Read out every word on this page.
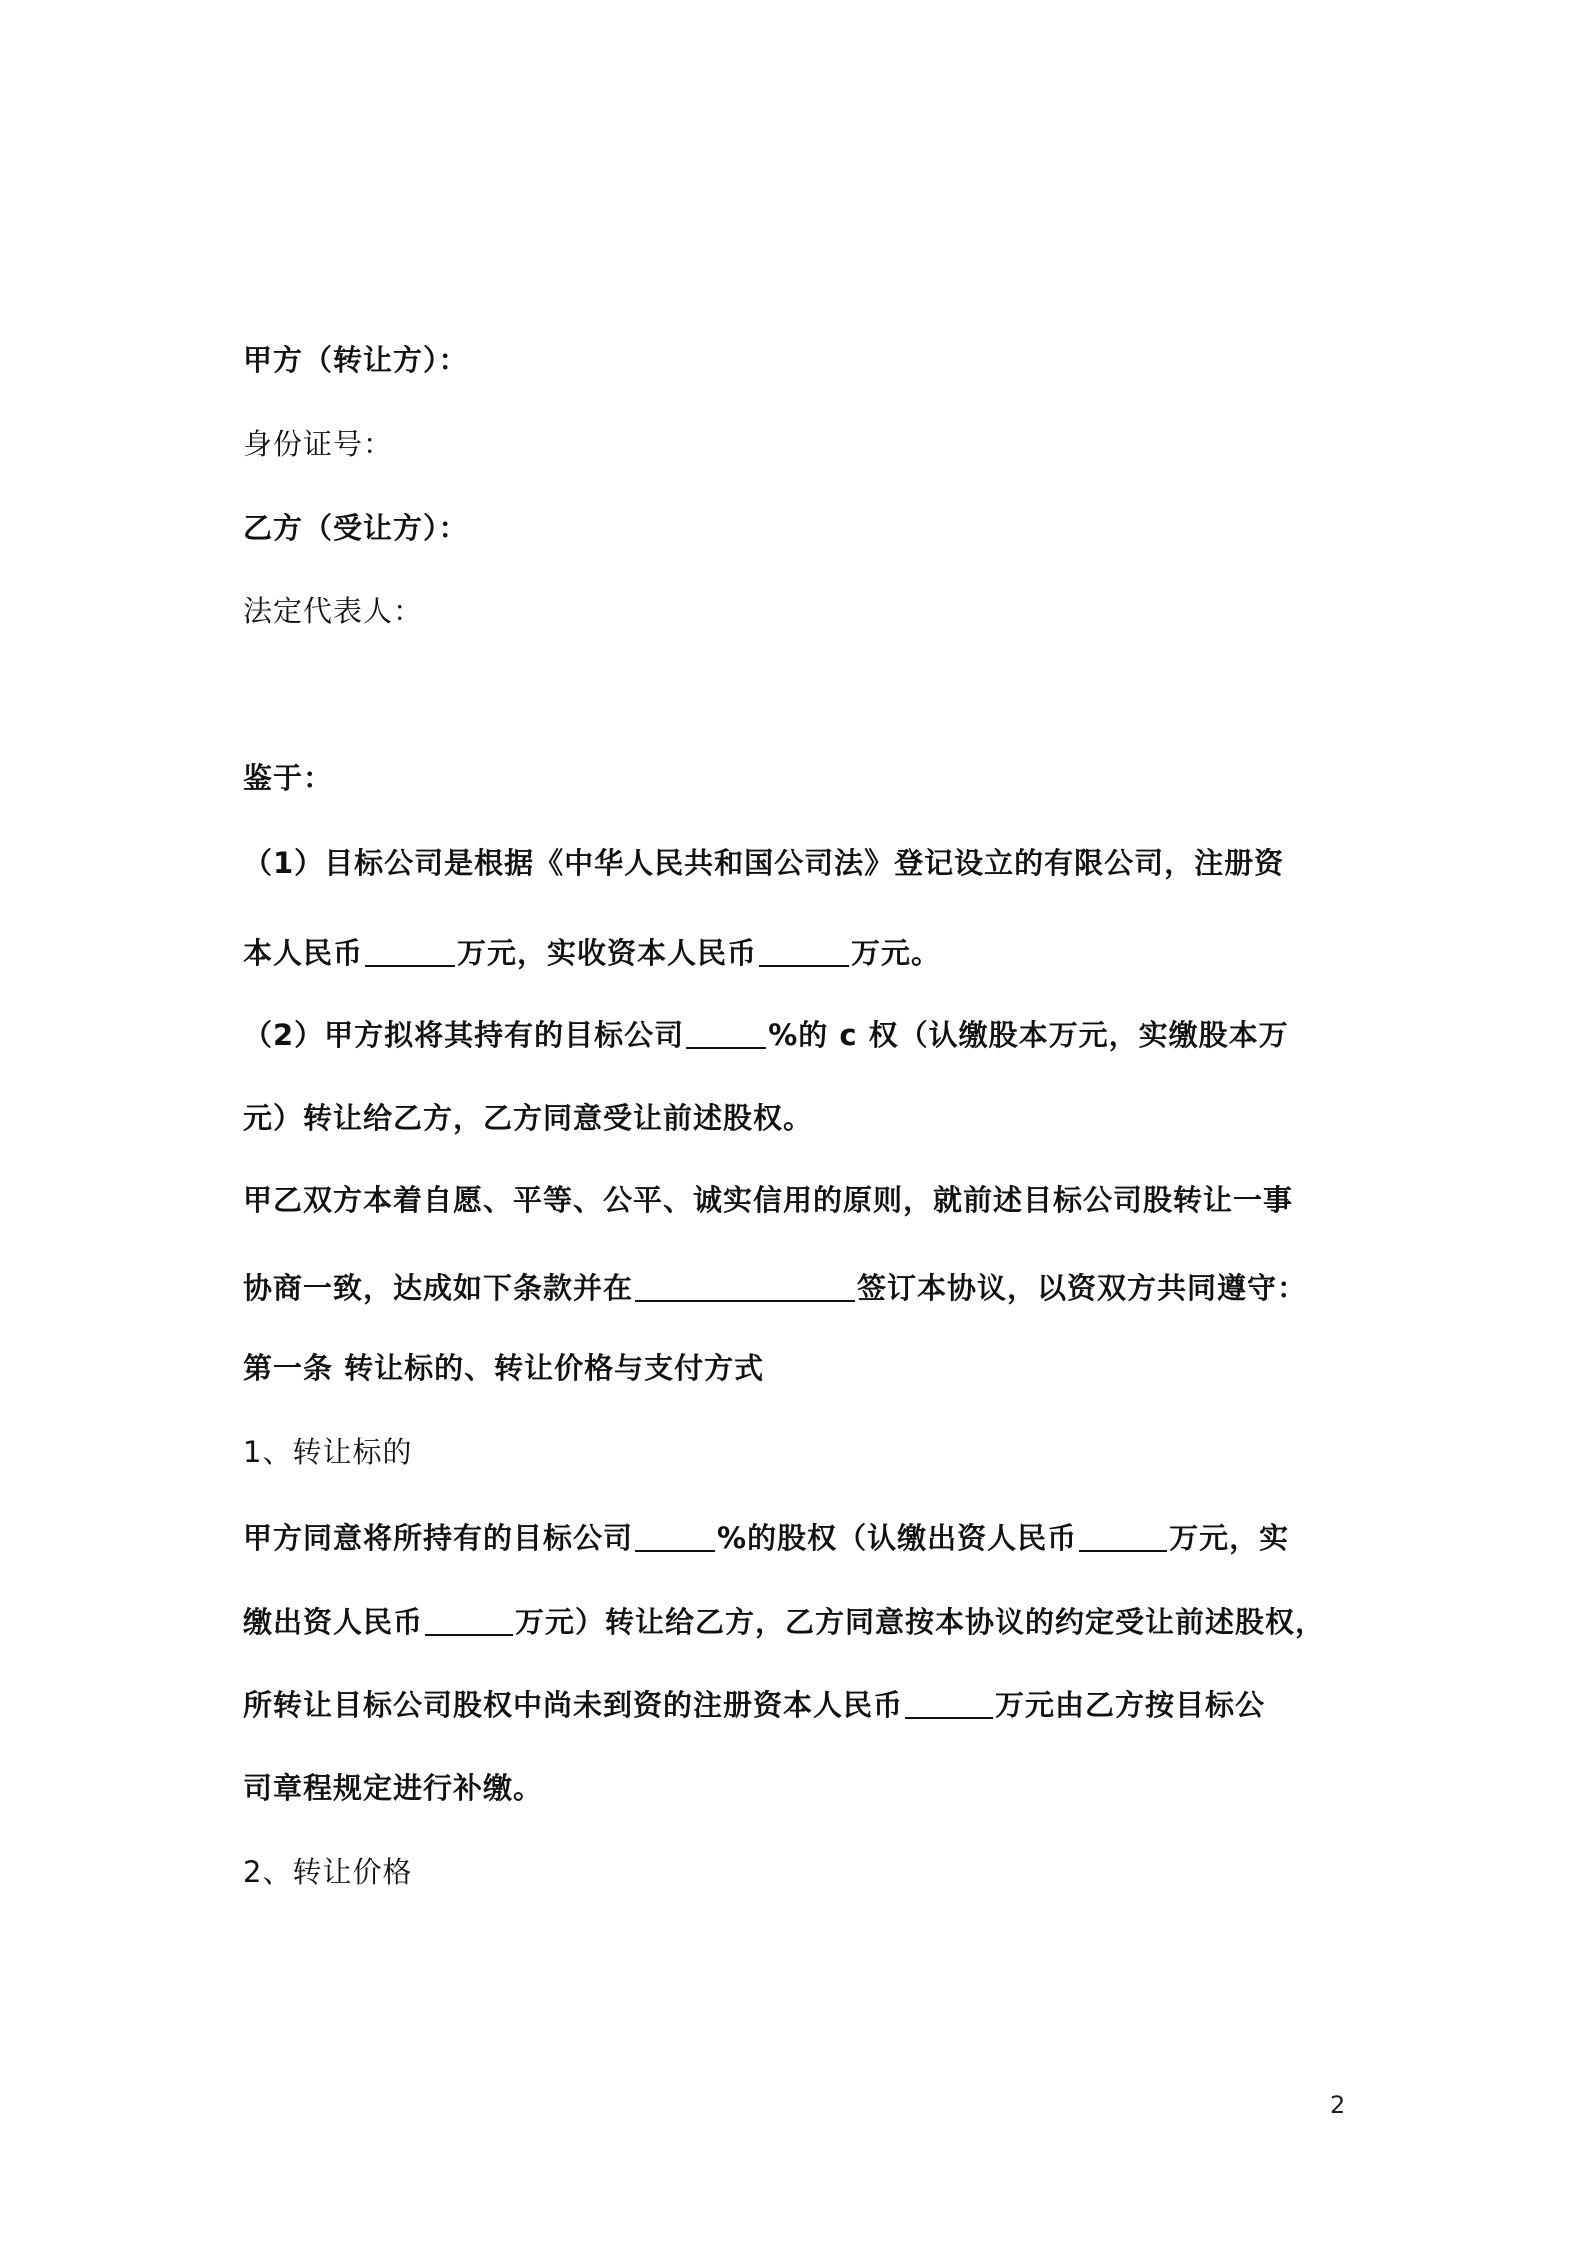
甲方（转让方）：
身份证号：
乙方（受让方）：
法定代表人：
鉴于：
（1）目标公司是根据《中华人民共和国公司法》登记设立的有限公司，注册资
本人民币	万元，实收资本人民币	万元。
（2）甲方拟将其持有的目标公司	%的 c 权（认缴股本万元，实缴股本万
元）转让给乙方，乙方同意受让前述股权。
甲乙双方本着自愿、平等、公平、诚实信用的原则，就前述目标公司股转让一事
协商一致，达成如下条款并在	签订本协议，以资双方共同遵守：
第一条 转让标的、转让价格与支付方式
1、转让标的
甲方同意将所持有的目标公司	%的股权（认缴出资人民币	万元，实
缴出资人民币	万元）转让给乙方，乙方同意按本协议的约定受让前述股权，
所转让目标公司股权中尚未到资的注册资本人民币	万元由乙方按目标公
司章程规定进行补缴。
2、转让价格
2
